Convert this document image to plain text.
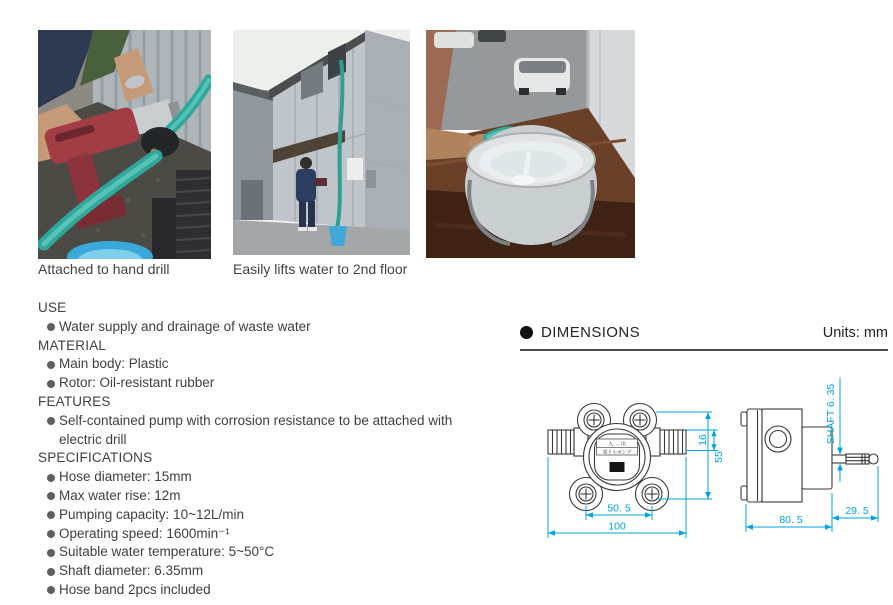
Attached to hand drill	Easily lifts water to 2nd floor
USE
Water supply and drainage of waste water
MATERIAL
Main body: Plastic
Rotor: Oil-resistant rubber
FEATURES
Self-contained pump with corrosion resistance to be attached with electric drill
SPECIFICATIONS
Hose diameter: 15mm
Max water rise: 12m
Pumping capacity: 10~12L/min
Operating speed: 1600min⁻¹
Suitable water temperature: 5~50°C
Shaft diameter: 6.35mm
Hose band 2pcs included
DIMENSIONS	Units: mm
入 → 出
電ドルポンプ	55
16
50. 5
100
SHAFT 6. 35
29. 5
80. 5
